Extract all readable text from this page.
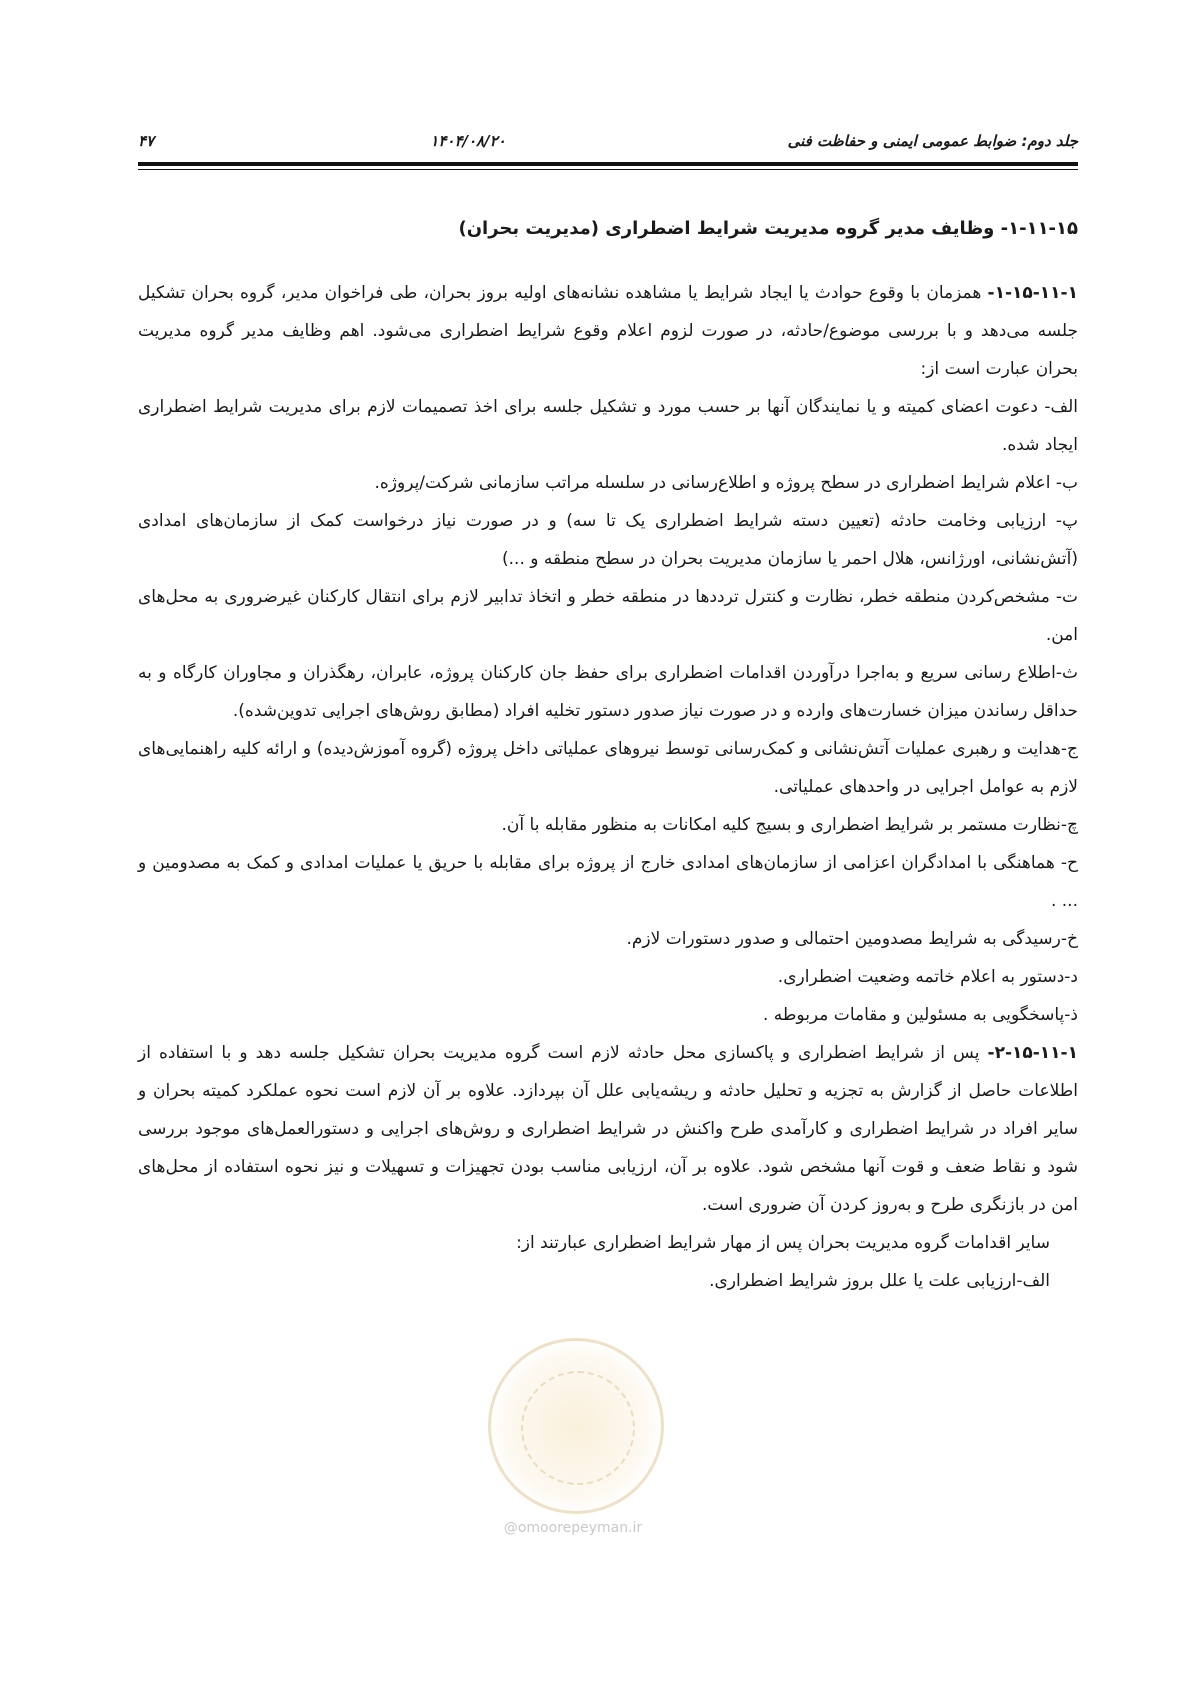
۴۷	۱۴۰۴/۰۸/۲۰	جلد دوم: ضوابط عمومی ایمنی و حفاظت فنی
@omoorepeyman.ir

۱-۱۱-۱۵- وظایف مدیر گروه مدیریت شرایط اضطراری (مدیریت بحران)

۱-۱۵-۱۱-۱- همزمان با وقوع حوادث یا ایجاد شرایط یا مشاهده نشانه‌های اولیه بروز بحران، طی فراخوان مدیر، گروه بحران تشکیل جلسه می‌دهد و با بررسی موضوع/حادثه، در صورت لزوم اعلام وقوع شرایط اضطراری می‌شود. اهم وظایف مدیر گروه مدیریت بحران عبارت است از:

الف- دعوت اعضای کمیته و یا نمایندگان آنها بر حسب مورد و تشکیل جلسه برای اخذ تصمیمات لازم برای مدیریت شرایط اضطراری ایجاد شده.

ب- اعلام شرایط اضطراری در سطح پروژه و اطلاع‌رسانی در سلسله مراتب سازمانی شرکت/پروژه.

پ- ارزیابی وخامت حادثه (تعیین دسته شرایط اضطراری یک تا سه) و در صورت نیاز درخواست کمک از سازمان‌های امدادی (آتش‌نشانی، اورژانس، هلال احمر یا سازمان مدیریت بحران در سطح منطقه و ...)

ت- مشخص‌کردن منطقه خطر، نظارت و کنترل ترددها در منطقه خطر و اتخاذ تدابیر لازم برای انتقال کارکنان غیرضروری به محل‌های امن.

ث-اطلاع رسانی سریع و به‌اجرا درآوردن اقدامات اضطراری برای حفظ جان کارکنان پروژه، عابران، رهگذران و مجاوران کارگاه و به حداقل رساندن میزان خسارت‌های وارده و در صورت نیاز صدور دستور تخلیه افراد (مطابق روش‌های اجرایی تدوین‌شده).

ج-هدایت و رهبری عملیات آتش‌نشانی و کمک‌رسانی توسط نیروهای عملیاتی داخل پروژه (گروه آموزش‌دیده) و ارائه کلیه راهنمایی‌های لازم به عوامل اجرایی در واحدهای عملیاتی.

چ-نظارت مستمر بر شرایط اضطراری و بسیج کلیه امکانات به منظور مقابله با آن.

ح- هماهنگی با امدادگران اعزامی از سازمان‌های امدادی خارج از پروژه برای مقابله با حریق یا عملیات امدادی و کمک به مصدومین و ... .

خ-رسیدگی به شرایط مصدومین احتمالی و صدور دستورات لازم.

د-دستور به اعلام خاتمه وضعیت اضطراری.

ذ-پاسخگویی به مسئولین و مقامات مربوطه .

۲-۱۵-۱۱-۱- پس از شرایط اضطراری و پاکسازی محل حادثه لازم است گروه مدیریت بحران تشکیل جلسه دهد و با استفاده از اطلاعات حاصل از گزارش به تجزیه و تحلیل حادثه و ریشه‌یابی علل آن بپردازد. علاوه بر آن لازم است نحوه عملکرد کمیته بحران و سایر افراد در شرایط اضطراری و کارآمدی طرح واکنش در شرایط اضطراری و روش‌های اجرایی و دستورالعمل‌های موجود بررسی شود و نقاط ضعف و قوت آنها مشخص شود. علاوه بر آن، ارزیابی مناسب بودن تجهیزات و تسهیلات و نیز نحوه استفاده از محل‌های امن در بازنگری طرح و به‌روز کردن آن ضروری است.

سایر اقدامات گروه مدیریت بحران پس از مهار شرایط اضطراری عبارتند از:

الف-ارزیابی علت یا علل بروز شرایط اضطراری.
